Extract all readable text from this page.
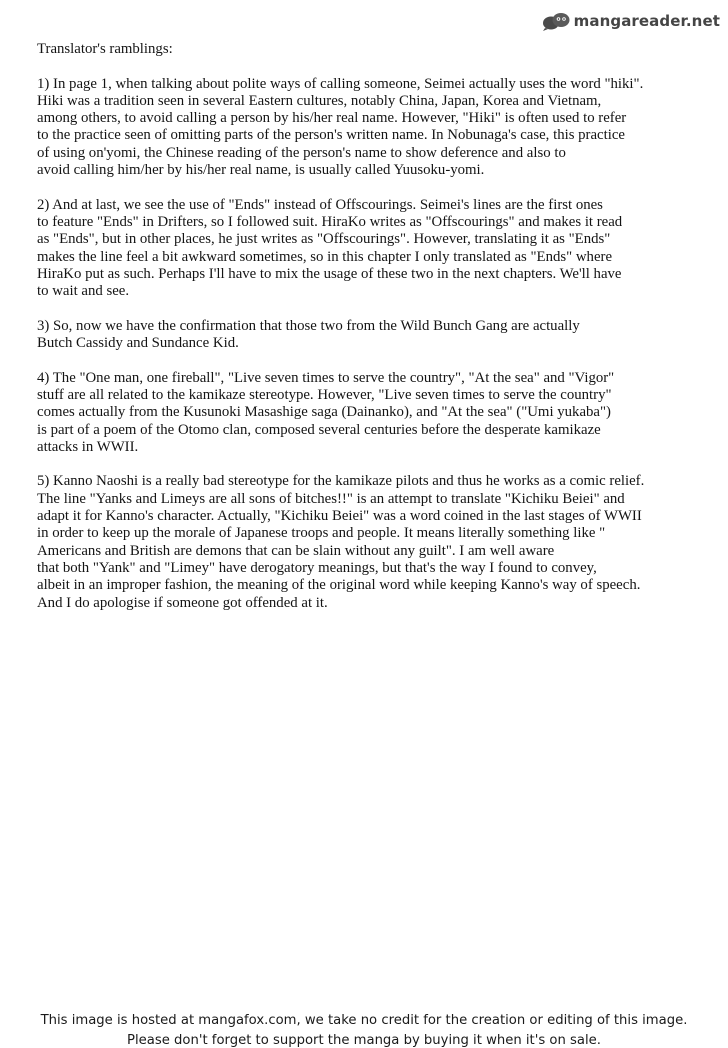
mangareader.net
Translator's ramblings:
1) In page 1, when talking about polite ways of calling someone, Seimei actually uses the word "hiki".
Hiki was a tradition seen in several Eastern cultures, notably China, Japan, Korea and Vietnam,
among others, to avoid calling a person by his/her real name. However, "Hiki" is often used to refer
to the practice seen of omitting parts of the person's written name. In Nobunaga's case, this practice
of using on'yomi, the Chinese reading of the person's name to show deference and also to
avoid calling him/her by his/her real name, is usually called Yuusoku-yomi.
2) And at last, we see the use of "Ends" instead of Offscourings. Seimei's lines are the first ones
to feature "Ends" in Drifters, so I followed suit. HiraKo writes as "Offscourings" and makes it read
as "Ends", but in other places, he just writes as "Offscourings". However, translating it as "Ends"
makes the line feel a bit awkward sometimes, so in this chapter I only translated as "Ends" where
HiraKo put as such. Perhaps I'll have to mix the usage of these two in the next chapters. We'll have
to wait and see.
3) So, now we have the confirmation that those two from the Wild Bunch Gang are actually
Butch Cassidy and Sundance Kid.
4) The "One man, one fireball", "Live seven times to serve the country", "At the sea" and "Vigor"
stuff are all related to the kamikaze stereotype. However, "Live seven times to serve the country"
comes actually from the Kusunoki Masashige saga (Dainanko), and "At the sea" ("Umi yukaba")
is part of a poem of the Otomo clan, composed several centuries before the desperate kamikaze
attacks in WWII.
5) Kanno Naoshi is a really bad stereotype for the kamikaze pilots and thus he works as a comic relief.
The line "Yanks and Limeys are all sons of bitches!!" is an attempt to translate "Kichiku Beiei" and
adapt it for Kanno's character. Actually, "Kichiku Beiei" was a word coined in the last stages of WWII
in order to keep up the morale of Japanese troops and people. It means literally something like "
Americans and British are demons that can be slain without any guilt". I am well aware
that both "Yank" and "Limey" have derogatory meanings, but that's the way I found to convey,
albeit in an improper fashion, the meaning of the original word while keeping Kanno's way of speech.
And I do apologise if someone got offended at it.
This image is hosted at mangafox.com, we take no credit for the creation or editing of this image.
Please don't forget to support the manga by buying it when it's on sale.
